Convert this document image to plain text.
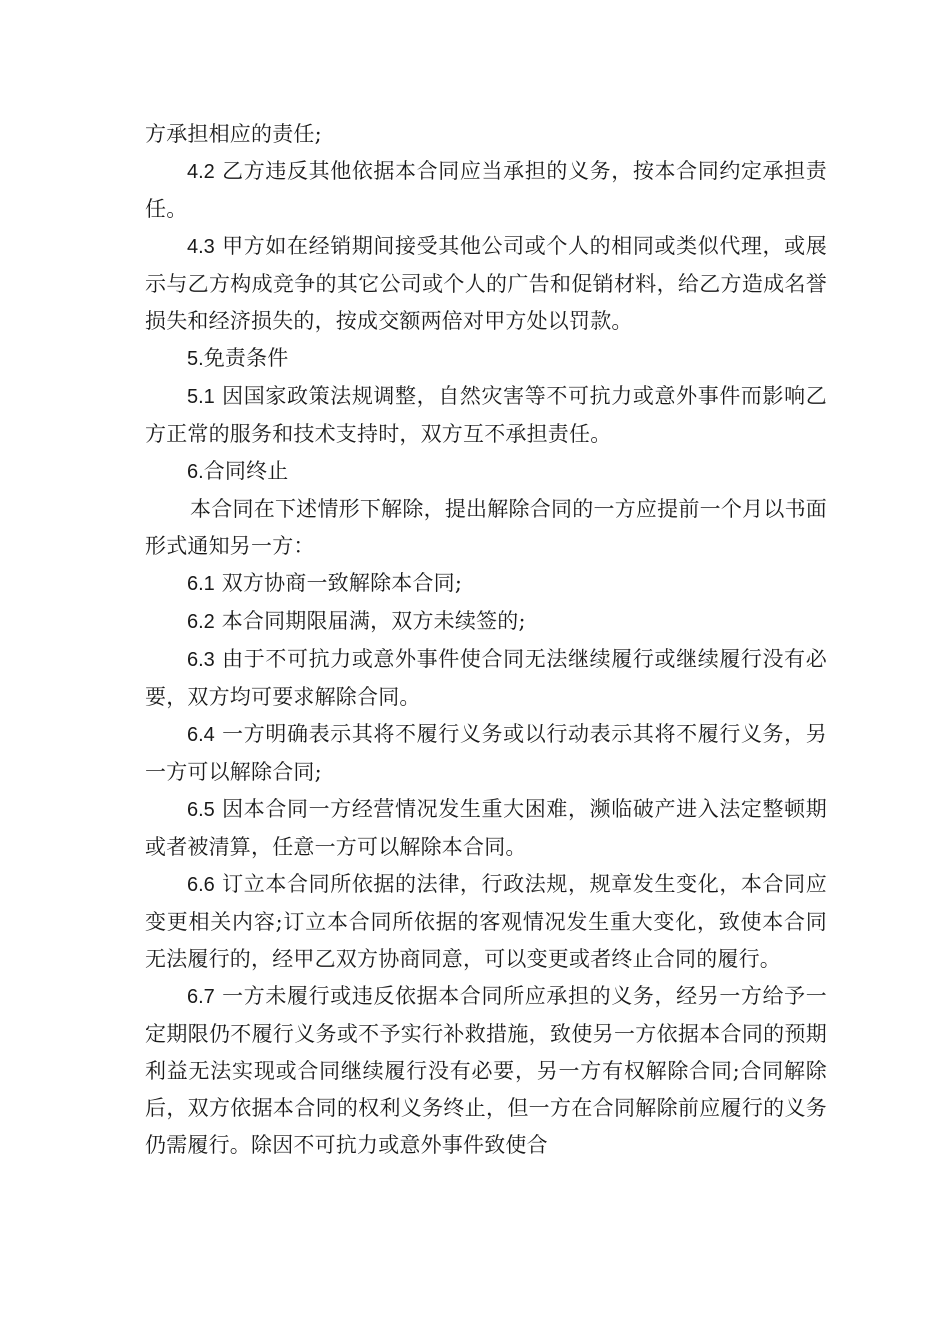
方承担相应的责任;

4.2 乙方违反其他依据本合同应当承担的义务，按本合同约定承担责任。

4.3 甲方如在经销期间接受其他公司或个人的相同或类似代理，或展示与乙方构成竞争的其它公司或个人的广告和促销材料，给乙方造成名誉损失和经济损失的，按成交额两倍对甲方处以罚款。

5.免责条件

5.1 因国家政策法规调整，自然灾害等不可抗力或意外事件而影响乙方正常的服务和技术支持时，双方互不承担责任。

6.合同终止

本合同在下述情形下解除，提出解除合同的一方应提前一个月以书面形式通知另一方：

6.1 双方协商一致解除本合同;

6.2 本合同期限届满，双方未续签的;

6.3 由于不可抗力或意外事件使合同无法继续履行或继续履行没有必要，双方均可要求解除合同。

6.4 一方明确表示其将不履行义务或以行动表示其将不履行义务，另一方可以解除合同;

6.5 因本合同一方经营情况发生重大困难，濒临破产进入法定整顿期或者被清算，任意一方可以解除本合同。

6.6 订立本合同所依据的法律，行政法规，规章发生变化，本合同应变更相关内容;订立本合同所依据的客观情况发生重大变化，致使本合同无法履行的，经甲乙双方协商同意，可以变更或者终止合同的履行。

6.7 一方未履行或违反依据本合同所应承担的义务，经另一方给予一定期限仍不履行义务或不予实行补救措施，致使另一方依据本合同的预期利益无法实现或合同继续履行没有必要，另一方有权解除合同;合同解除后，双方依据本合同的权利义务终止，但一方在合同解除前应履行的义务仍需履行。除因不可抗力或意外事件致使合
